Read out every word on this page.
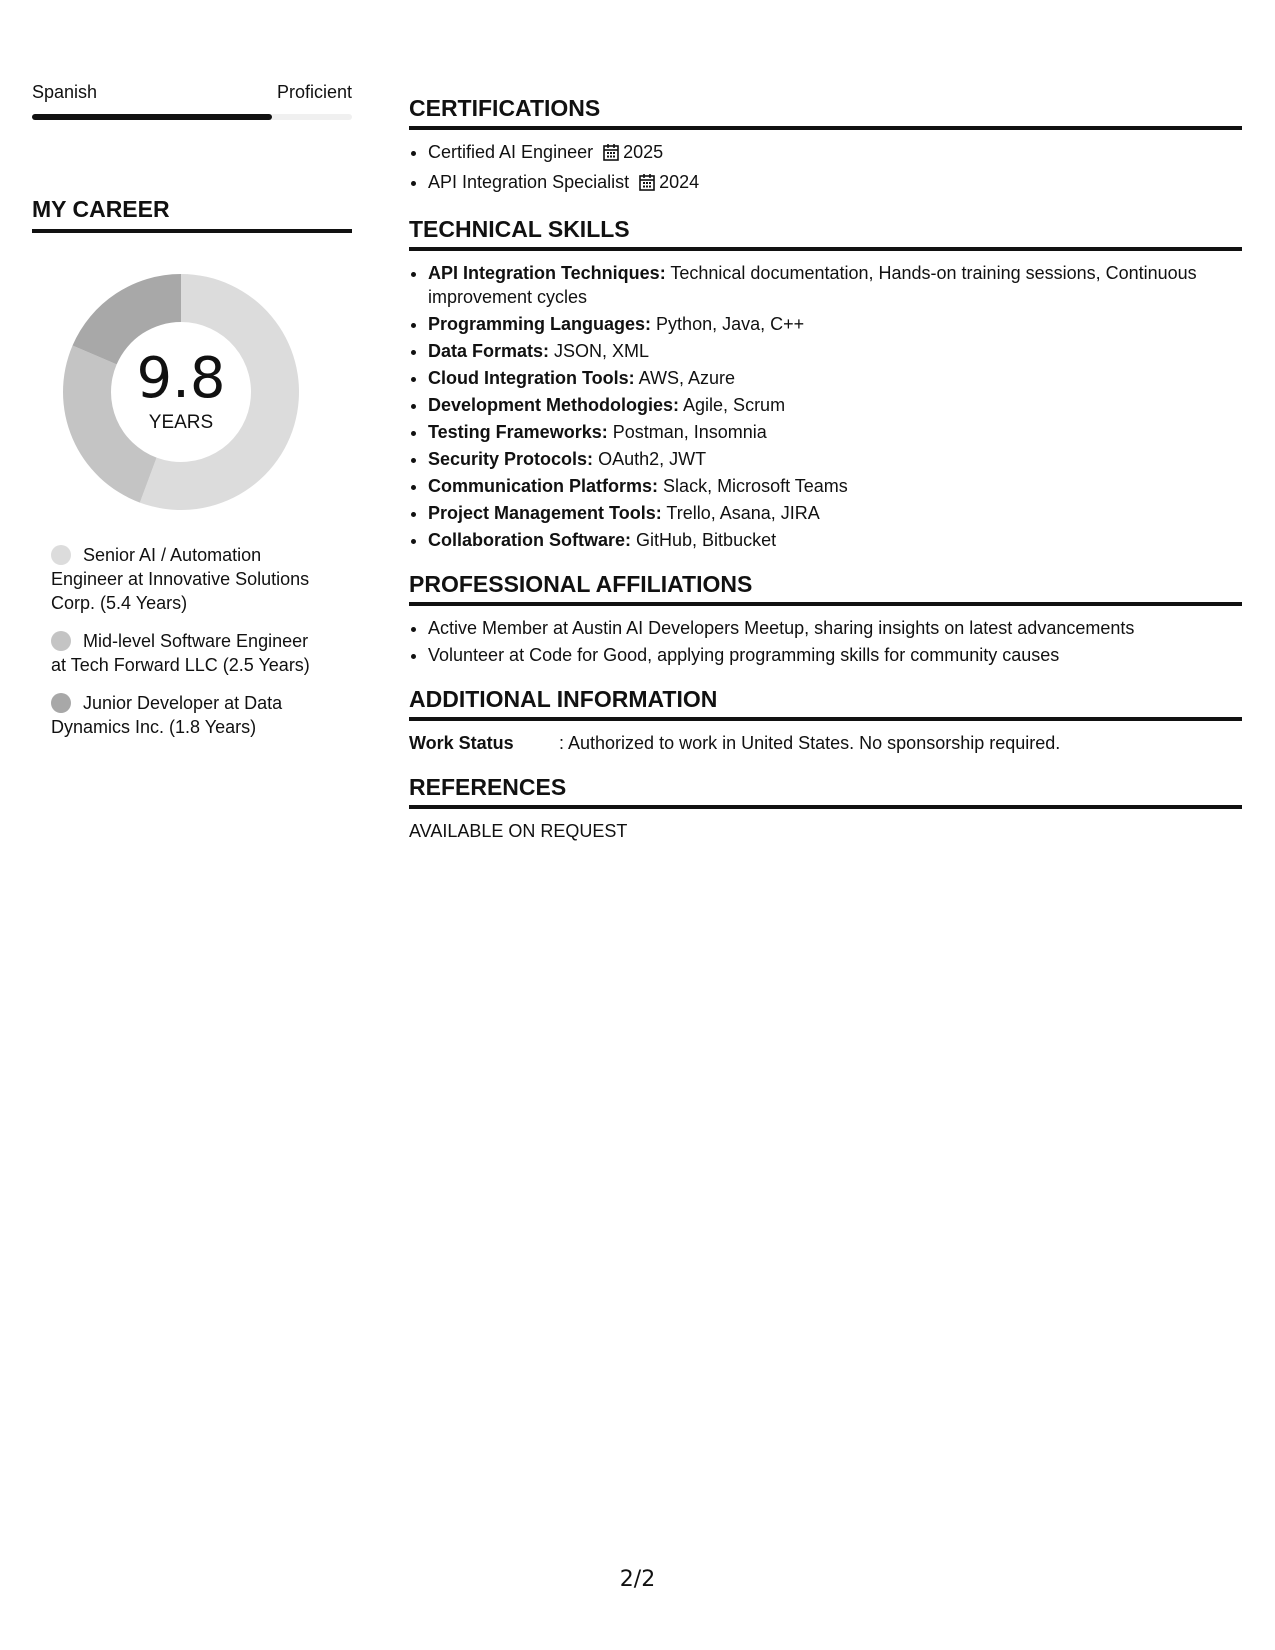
Spanish	Proficient
MY CAREER
9.8
YEARS
Senior AI / Automation Engineer at Innovative Solutions Corp. (5.4 Years)
Mid-level Software Engineer at Tech Forward LLC (2.5 Years)
Junior Developer at Data Dynamics Inc. (1.8 Years)
CERTIFICATIONS
• Certified AI Engineer 2025
• API Integration Specialist 2024
TECHNICAL SKILLS
• API Integration Techniques: Technical documentation, Hands-on training sessions, Continuous improvement cycles
• Programming Languages: Python, Java, C++
• Data Formats: JSON, XML
• Cloud Integration Tools: AWS, Azure
• Development Methodologies: Agile, Scrum
• Testing Frameworks: Postman, Insomnia
• Security Protocols: OAuth2, JWT
• Communication Platforms: Slack, Microsoft Teams
• Project Management Tools: Trello, Asana, JIRA
• Collaboration Software: GitHub, Bitbucket
PROFESSIONAL AFFILIATIONS
• Active Member at Austin AI Developers Meetup, sharing insights on latest advancements
• Volunteer at Code for Good, applying programming skills for community causes
ADDITIONAL INFORMATION
Work Status	: Authorized to work in United States. No sponsorship required.
REFERENCES
AVAILABLE ON REQUEST
2/2
